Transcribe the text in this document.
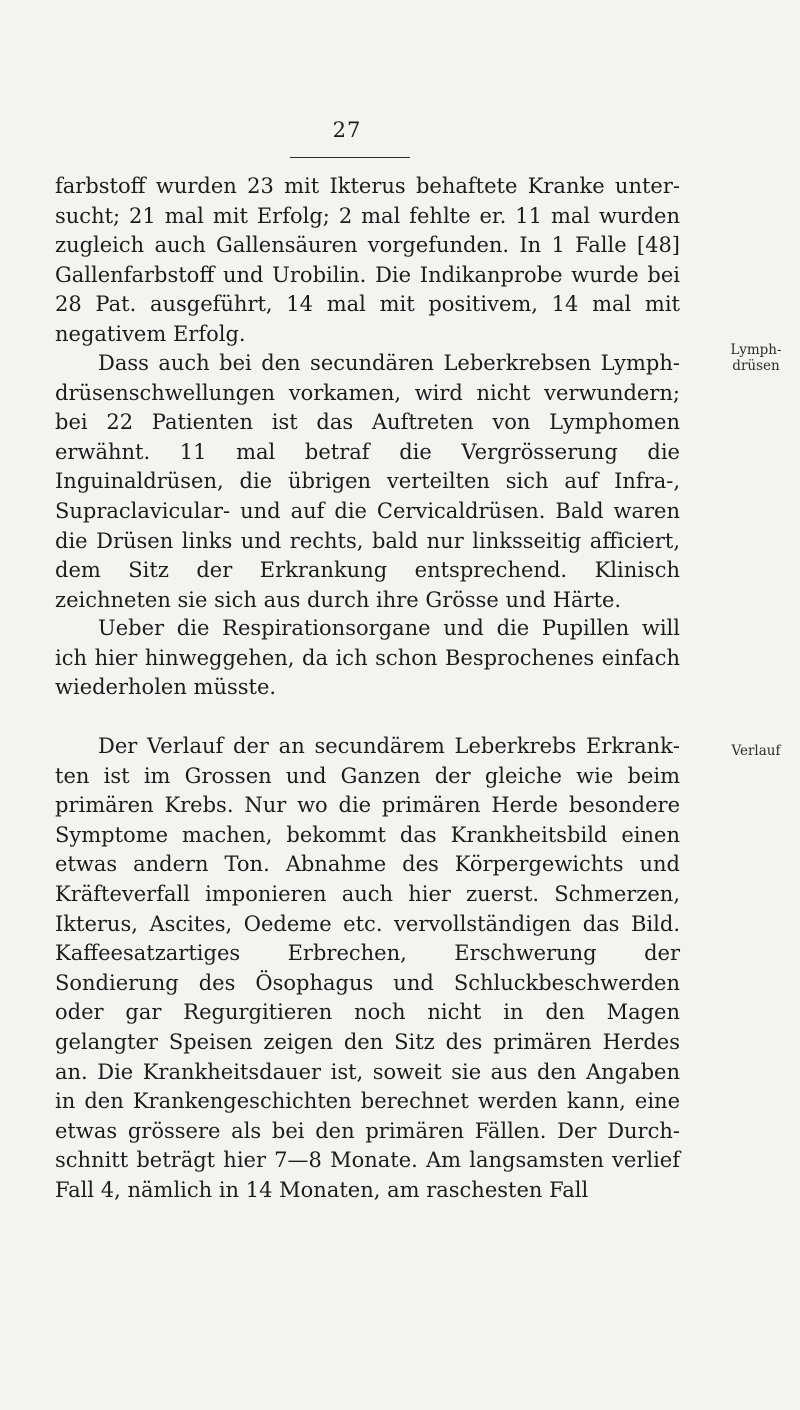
27

farbstoff wurden 23 mit Ikterus behaftete Kranke untersucht; 21 mal mit Erfolg; 2 mal fehlte er. 11 mal wurden zugleich auch Gallensäuren vorgefunden. In 1 Falle [48] Gallenfarbstoff und Urobilin. Die Indikanprobe wurde bei 28 Pat. ausgeführt, 14 mal mit positivem, 14 mal mit negativem Erfolg.

Dass auch bei den secundären Leberkrebsen Lymphdrüsenschwellungen vorkamen, wird nicht verwundern; bei 22 Patienten ist das Auftreten von Lymphomen erwähnt. 11 mal betraf die Vergrösserung die Inguinaldrüsen, die übrigen verteilten sich auf Infra-, Supraclavicular- und auf die Cervicaldrüsen. Bald waren die Drüsen links und rechts, bald nur linksseitig afficiert, dem Sitz der Erkrankung entsprechend. Klinisch zeichneten sie sich aus durch ihre Grösse und Härte.

Ueber die Respirationsorgane und die Pupillen will ich hier hinweggehen, da ich schon Besprochenes einfach wiederholen müsste.

Der Verlauf der an secundärem Leberkrebs Erkrankten ist im Grossen und Ganzen der gleiche wie beim primären Krebs. Nur wo die primären Herde besondere Symptome machen, bekommt das Krankheitsbild einen etwas andern Ton. Abnahme des Körpergewichts und Kräfteverfall imponieren auch hier zuerst. Schmerzen, Ikterus, Ascites, Oedeme etc. vervollständigen das Bild. Kaffeesatzartiges Erbrechen, Erschwerung der Sondierung des Ösophagus und Schluckbeschwerden oder gar Regurgitieren noch nicht in den Magen gelangter Speisen zeigen den Sitz des primären Herdes an. Die Krankheitsdauer ist, soweit sie aus den Angaben in den Krankengeschichten berechnet werden kann, eine etwas grössere als bei den primären Fällen. Der Durchschnitt beträgt hier 7—8 Monate. Am langsamsten verlief Fall 4, nämlich in 14 Monaten, am raschesten Fall

Lymph-
drüsen
Verlauf
